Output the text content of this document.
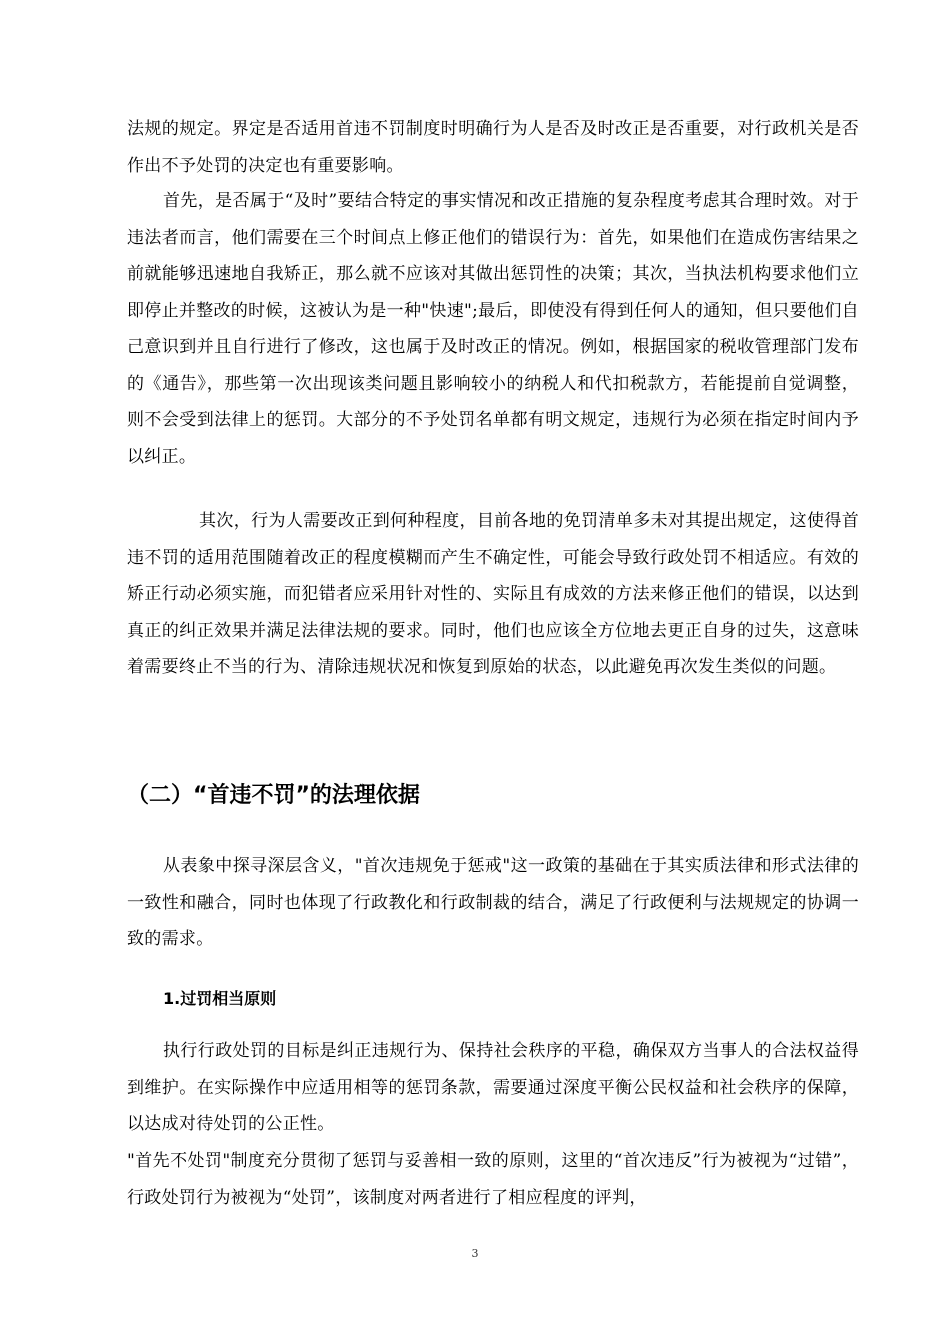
法规的规定。界定是否适用首违不罚制度时明确行为人是否及时改正是否重要，对行政机关是否作出不予处罚的决定也有重要影响。

首先，是否属于“及时”要结合特定的事实情况和改正措施的复杂程度考虑其合理时效。对于违法者而言，他们需要在三个时间点上修正他们的错误行为：首先，如果他们在造成伤害结果之前就能够迅速地自我矫正，那么就不应该对其做出惩罚性的决策；其次，当执法机构要求他们立即停止并整改的时候，这被认为是一种"快速";最后，即使没有得到任何人的通知，但只要他们自己意识到并且自行进行了修改，这也属于及时改正的情况。例如，根据国家的税收管理部门发布的《通告》，那些第一次出现该类问题且影响较小的纳税人和代扣税款方，若能提前自觉调整，则不会受到法律上的惩罚。大部分的不予处罚名单都有明文规定，违规行为必须在指定时间内予以纠正。

其次，行为人需要改正到何种程度，目前各地的免罚清单多未对其提出规定，这使得首违不罚的适用范围随着改正的程度模糊而产生不确定性，可能会导致行政处罚不相适应。有效的矫正行动必须实施，而犯错者应采用针对性的、实际且有成效的方法来修正他们的错误，以达到真正的纠正效果并满足法律法规的要求。同时，他们也应该全方位地去更正自身的过失，这意味着需要终止不当的行为、清除违规状况和恢复到原始的状态，以此避免再次发生类似的问题。

（二）“首违不罚”的法理依据

从表象中探寻深层含义，"首次违规免于惩戒"这一政策的基础在于其实质法律和形式法律的一致性和融合，同时也体现了行政教化和行政制裁的结合，满足了行政便利与法规规定的协调一致的需求。

1.过罚相当原则

执行行政处罚的目标是纠正违规行为、保持社会秩序的平稳，确保双方当事人的合法权益得到维护。在实际操作中应适用相等的惩罚条款，需要通过深度平衡公民权益和社会秩序的保障，以达成对待处罚的公正性。

"首先不处罚"制度充分贯彻了惩罚与妥善相一致的原则，这里的“首次违反”行为被视为“过错”，行政处罚行为被视为“处罚”，该制度对两者进行了相应程度的评判，

3
